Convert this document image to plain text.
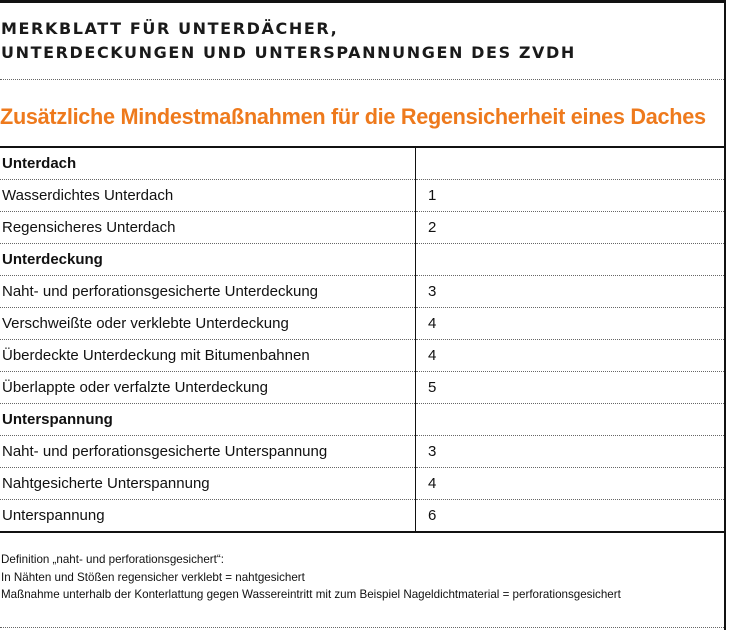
MERKBLATT FÜR UNTERDÄCHER,
UNTERDECKUNGEN UND UNTERSPANNUNGEN DES ZVDH
Zusätzliche Mindestmaßnahmen für die Regensicherheit eines Daches
Unterdach	
Wasserdichtes Unterdach	1
Regensicheres Unterdach	2
Unterdeckung	
Naht- und perforationsgesicherte Unterdeckung	3
Verschweißte oder verklebte Unterdeckung	4
Überdeckte Unterdeckung mit Bitumenbahnen	4
Überlappte oder verfalzte Unterdeckung	5
Unterspannung	
Naht- und perforationsgesicherte Unterspannung	3
Nahtgesicherte Unterspannung	4
Unterspannung	6
Definition „naht- und perforationsgesichert“:
In Nähten und Stößen regensicher verklebt = nahtgesichert
Maßnahme unterhalb der Konterlattung gegen Wassereintritt mit zum Beispiel Nageldichtmaterial = perforationsgesichert
